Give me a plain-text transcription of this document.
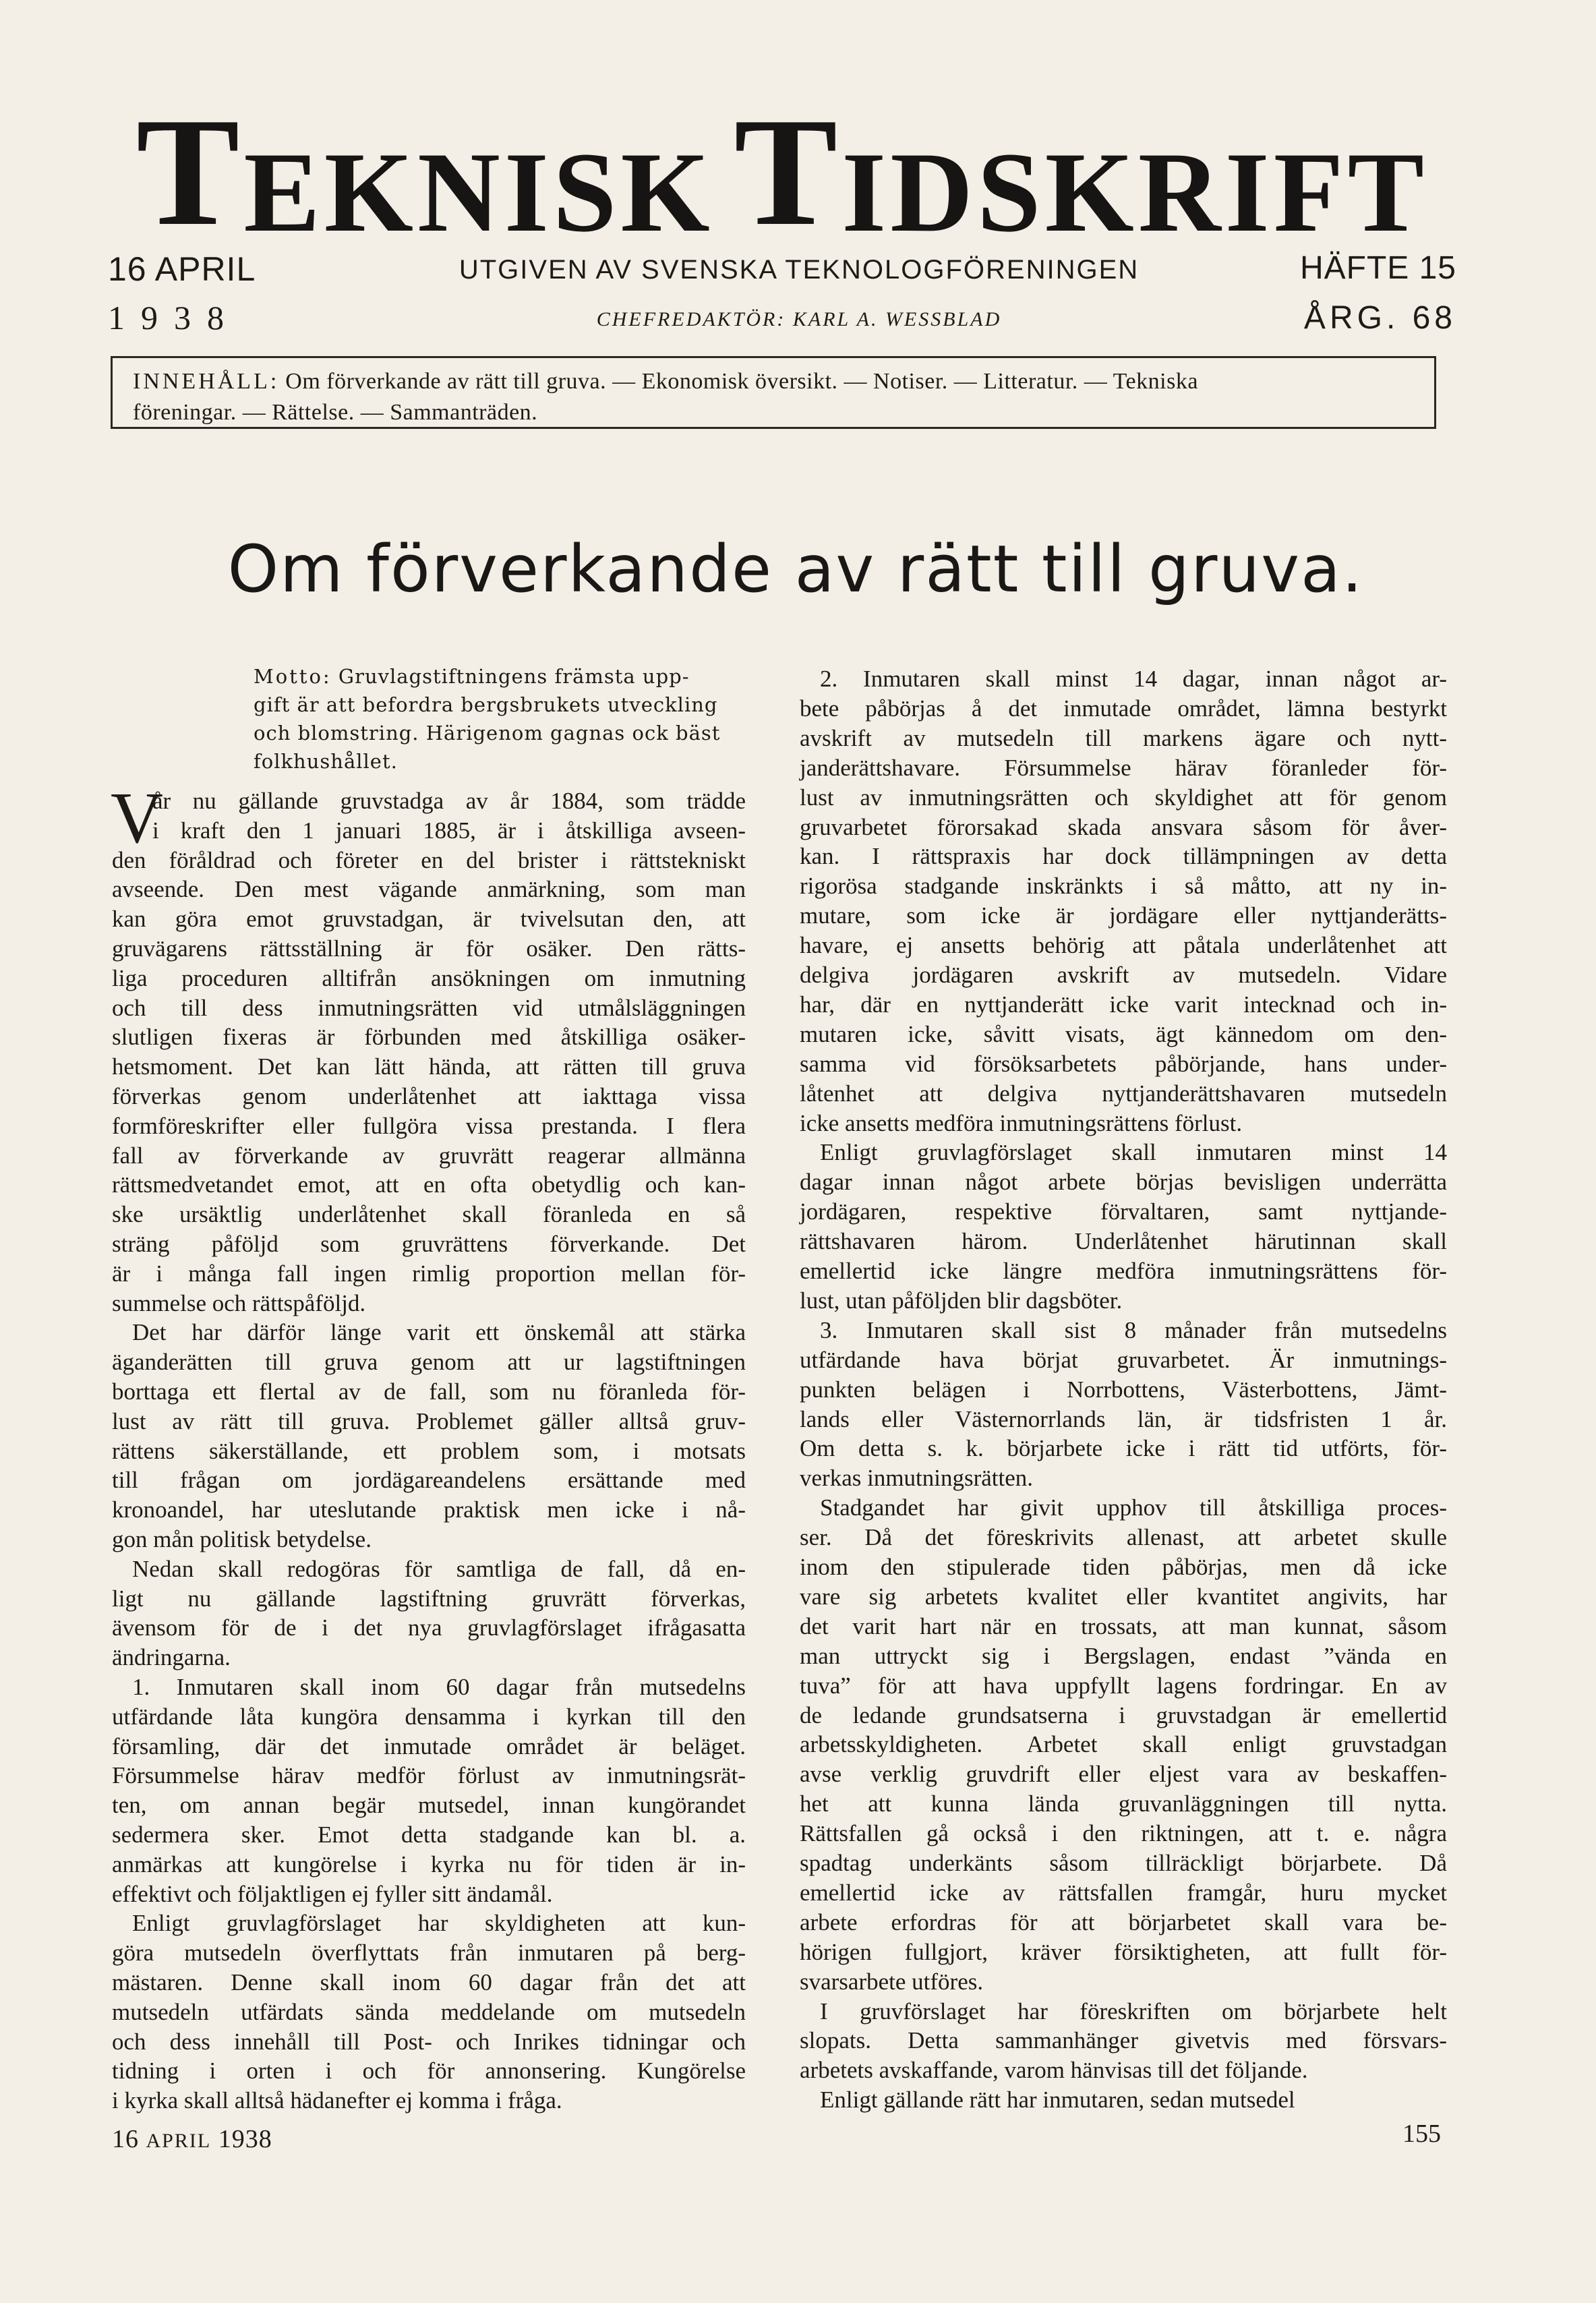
TEKNISK TIDSKRIFT
16 APRIL
1938
UTGIVEN AV SVENSKA TEKNOLOGFÖRENINGEN
CHEFREDAKTÖR: KARL A. WESSBLAD
HÄFTE 15
ÅRG. 68
INNEHÅLL: Om förverkande av rätt till gruva. — Ekonomisk översikt. — Notiser. — Litteratur. — Tekniska
föreningar. — Rättelse. — Sammanträden.
Om förverkande av rätt till gruva.
Motto: Gruvlagstiftningens främsta upp-
gift är att befordra bergsbrukets utveckling
och blomstring. Härigenom gagnas ock bäst
folkhushållet.
V
år nu gällande gruvstadga av år 1884, som trädde
i kraft den 1 januari 1885, är i åtskilliga avseen-
den föråldrad och företer en del brister i rättstekniskt
avseende. Den mest vägande anmärkning, som man
kan göra emot gruvstadgan, är tvivelsutan den, att
gruvägarens rättsställning är för osäker. Den rätts-
liga proceduren alltifrån ansökningen om inmutning
och till dess inmutningsrätten vid utmålsläggningen
slutligen fixeras är förbunden med åtskilliga osäker-
hetsmoment. Det kan lätt hända, att rätten till gruva
förverkas genom underlåtenhet att iakttaga vissa
formföreskrifter eller fullgöra vissa prestanda. I flera
fall av förverkande av gruvrätt reagerar allmänna
rättsmedvetandet emot, att en ofta obetydlig och kan-
ske ursäktlig underlåtenhet skall föranleda en så
sträng påföljd som gruvrättens förverkande. Det
är i många fall ingen rimlig proportion mellan för-
summelse och rättspåföljd.
Det har därför länge varit ett önskemål att stärka
äganderätten till gruva genom att ur lagstiftningen
borttaga ett flertal av de fall, som nu föranleda för-
lust av rätt till gruva. Problemet gäller alltså gruv-
rättens säkerställande, ett problem som, i motsats
till frågan om jordägareandelens ersättande med
kronoandel, har uteslutande praktisk men icke i nå-
gon mån politisk betydelse.
Nedan skall redogöras för samtliga de fall, då en-
ligt nu gällande lagstiftning gruvrätt förverkas,
ävensom för de i det nya gruvlagförslaget ifrågasatta
ändringarna.
1. Inmutaren skall inom 60 dagar från mutsedelns
utfärdande låta kungöra densamma i kyrkan till den
församling, där det inmutade området är beläget.
Försummelse härav medför förlust av inmutningsrät-
ten, om annan begär mutsedel, innan kungörandet
sedermera sker. Emot detta stadgande kan bl. a.
anmärkas att kungörelse i kyrka nu för tiden är in-
effektivt och följaktligen ej fyller sitt ändamål.
Enligt gruvlagförslaget har skyldigheten att kun-
göra mutsedeln överflyttats från inmutaren på berg-
mästaren. Denne skall inom 60 dagar från det att
mutsedeln utfärdats sända meddelande om mutsedeln
och dess innehåll till Post- och Inrikes tidningar och
tidning i orten i och för annonsering. Kungörelse
i kyrka skall alltså hädanefter ej komma i fråga.
2. Inmutaren skall minst 14 dagar, innan något ar-
bete påbörjas å det inmutade området, lämna bestyrkt
avskrift av mutsedeln till markens ägare och nytt-
janderättshavare. Försummelse härav föranleder för-
lust av inmutningsrätten och skyldighet att för genom
gruvarbetet förorsakad skada ansvara såsom för åver-
kan. I rättspraxis har dock tillämpningen av detta
rigorösa stadgande inskränkts i så måtto, att ny in-
mutare, som icke är jordägare eller nyttjanderätts-
havare, ej ansetts behörig att påtala underlåtenhet att
delgiva jordägaren avskrift av mutsedeln. Vidare
har, där en nyttjanderätt icke varit intecknad och in-
mutaren icke, såvitt visats, ägt kännedom om den-
samma vid försöksarbetets påbörjande, hans under-
låtenhet att delgiva nyttjanderättshavaren mutsedeln
icke ansetts medföra inmutningsrättens förlust.
Enligt gruvlagförslaget skall inmutaren minst 14
dagar innan något arbete börjas bevisligen underrätta
jordägaren, respektive förvaltaren, samt nyttjande-
rättshavaren härom. Underlåtenhet härutinnan skall
emellertid icke längre medföra inmutningsrättens för-
lust, utan påföljden blir dagsböter.
3. Inmutaren skall sist 8 månader från mutsedelns
utfärdande hava börjat gruvarbetet. Är inmutnings-
punkten belägen i Norrbottens, Västerbottens, Jämt-
lands eller Västernorrlands län, är tidsfristen 1 år.
Om detta s. k. börjarbete icke i rätt tid utförts, för-
verkas inmutningsrätten.
Stadgandet har givit upphov till åtskilliga proces-
ser. Då det föreskrivits allenast, att arbetet skulle
inom den stipulerade tiden påbörjas, men då icke
vare sig arbetets kvalitet eller kvantitet angivits, har
det varit hart när en trossats, att man kunnat, såsom
man uttryckt sig i Bergslagen, endast ”vända en
tuva” för att hava uppfyllt lagens fordringar. En av
de ledande grundsatserna i gruvstadgan är emellertid
arbetsskyldigheten. Arbetet skall enligt gruvstadgan
avse verklig gruvdrift eller eljest vara av beskaffen-
het att kunna lända gruvanläggningen till nytta.
Rättsfallen gå också i den riktningen, att t. e. några
spadtag underkänts såsom tillräckligt börjarbete. Då
emellertid icke av rättsfallen framgår, huru mycket
arbete erfordras för att börjarbetet skall vara be-
hörigen fullgjort, kräver försiktigheten, att fullt för-
svarsarbete utföres.
I gruvförslaget har föreskriften om börjarbete helt
slopats. Detta sammanhänger givetvis med försvars-
arbetets avskaffande, varom hänvisas till det följande.
Enligt gällande rätt har inmutaren, sedan mutsedel
16 APRIL 1938	155
